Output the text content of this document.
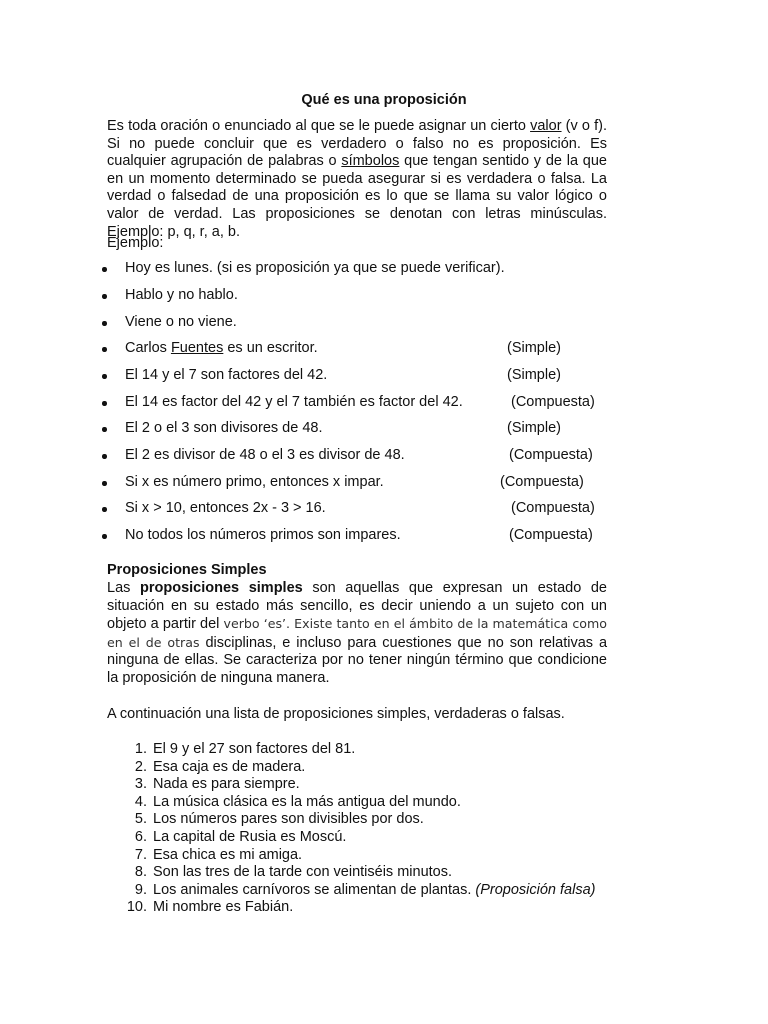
Qué es una proposición

Es toda oración o enunciado al que se le puede asignar un cierto valor (v o f). Si no puede concluir que es verdadero o falso no es proposición. Es cualquier agrupación de palabras o símbolos que tengan sentido y de la que en un momento determinado se pueda asegurar si es verdadera o falsa. La verdad o falsedad de una proposición es lo que se llama su valor lógico o valor de verdad. Las proposiciones se denotan con letras minúsculas. Ejemplo: p, q, r, a, b.

Ejemplo:
Hoy es lunes. (si es proposición ya que se puede verificar).
Hablo y no hablo.
Viene o no viene.
Carlos Fuentes es un escritor.	(Simple)
El 14 y el 7 son factores del 42.	(Simple)
El 14 es factor del 42 y el 7 también es factor del 42.	(Compuesta)
El 2 o el 3 son divisores de 48.	(Simple)
El 2 es divisor de 48 o el 3 es divisor de 48.	(Compuesta)
Si x es número primo, entonces x impar.	(Compuesta)
Si x > 10, entonces 2x - 3 > 16.	(Compuesta)
No todos los números primos son impares.	(Compuesta)
Proposiciones Simples

Las proposiciones simples son aquellas que expresan un estado de situación en su estado más sencillo, es decir uniendo a un sujeto con un objeto a partir del verbo ‘es’. Existe tanto en el ámbito de la matemática como en el de otras disciplinas, e incluso para cuestiones que no son relativas a ninguna de ellas. Se caracteriza por no tener ningún término que condicione la proposición de ninguna manera.

A continuación una lista de proposiciones simples, verdaderas o falsas.
1. El 9 y el 27 son factores del 81.
2. Esa caja es de madera.
3. Nada es para siempre.
4. La música clásica es la más antigua del mundo.
5. Los números pares son divisibles por dos.
6. La capital de Rusia es Moscú.
7. Esa chica es mi amiga.
8. Son las tres de la tarde con veintiséis minutos.
9. Los animales carnívoros se alimentan de plantas. (Proposición falsa)
10. Mi nombre es Fabián.
